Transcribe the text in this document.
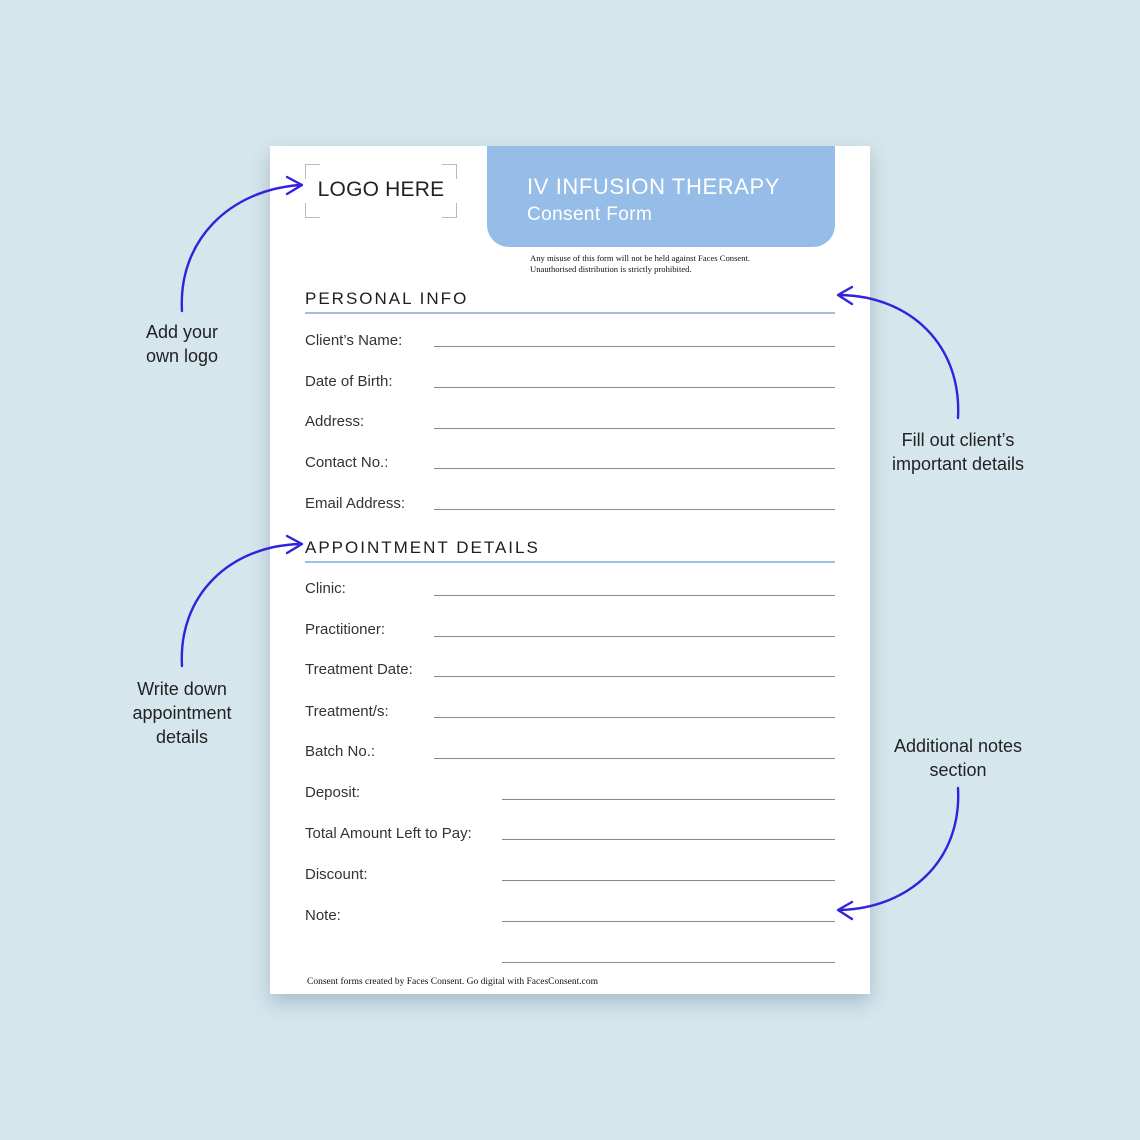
LOGO HERE	IV INFUSION THERAPY
Consent Form
Any misuse of this form will not be held against Faces Consent.
Unauthorised distribution is strictly prohibited.
PERSONAL INFO
Client’s Name:
Date of Birth:
Address:
Contact No.:
Email Address:
APPOINTMENT DETAILS
Clinic:
Practitioner:
Treatment Date:
Treatment/s:
Batch No.:
Deposit:
Total Amount Left to Pay:
Discount:
Note:
Consent forms created by Faces Consent. Go digital with FacesConsent.com
Add your
own logo
Fill out client’s
important details
Write down
appointment
details	Additional notes
section
